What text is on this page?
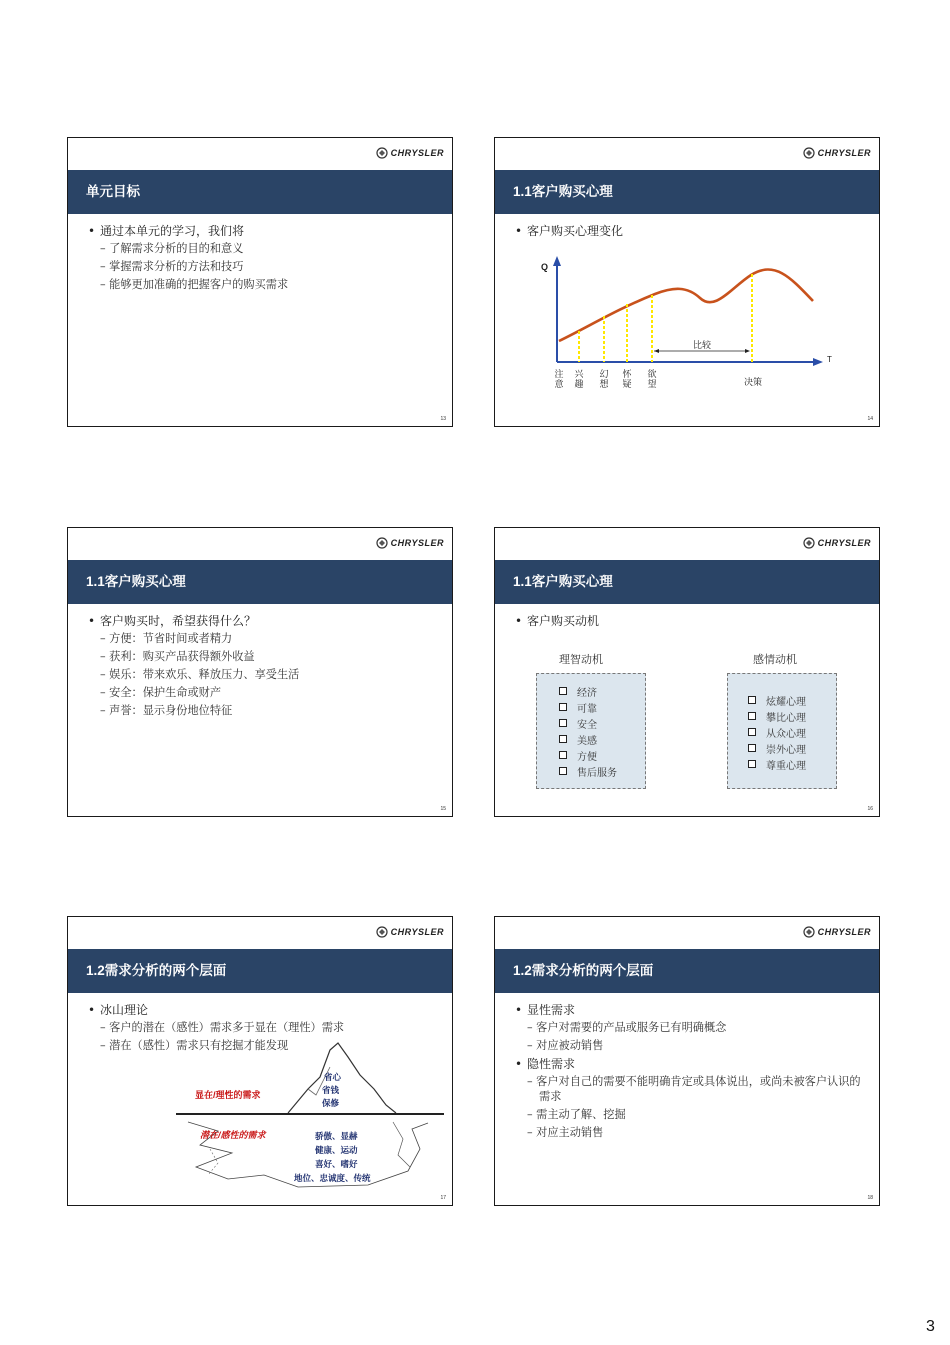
CHRYSLER
单元目标
• 通过本单元的学习，我们将
– 了解需求分析的目的和意义
– 掌握需求分析的方法和技巧
– 能够更加准确的把握客户的购买需求
13
CHRYSLER
1.1客户购买心理
• 客户购买心理变化
Q
T
比较
决策
注意
兴趣
幻想
怀疑
欲望
14
CHRYSLER
1.1客户购买心理
• 客户购买时，希望获得什么？
– 方便：节省时间或者精力
– 获利：购买产品获得额外收益
– 娱乐：带来欢乐、释放压力、享受生活
– 安全：保护生命或财产
– 声誉：显示身份地位特征
15
CHRYSLER
1.1客户购买心理
• 客户购买动机
理智动机	感情动机
经济
可靠
安全
美感
方便
售后服务
炫耀心理
攀比心理
从众心理
崇外心理
尊重心理
16
CHRYSLER
1.2需求分析的两个层面
• 冰山理论
– 客户的潜在（感性）需求多于显在（理性）需求
– 潜在（感性）需求只有挖掘才能发现
显在/理性的需求
潜在/感性的需求
省心
省钱
保修
骄傲、显赫
健康、运动
喜好、嗜好
地位、忠诚度、传统
17
CHRYSLER
1.2需求分析的两个层面
• 显性需求
– 客户对需要的产品或服务已有明确概念
– 对应被动销售
• 隐性需求
– 客户对自己的需要不能明确肯定或具体说出，或尚未被客户认识的需求
– 需主动了解、挖掘
– 对应主动销售
18
3
